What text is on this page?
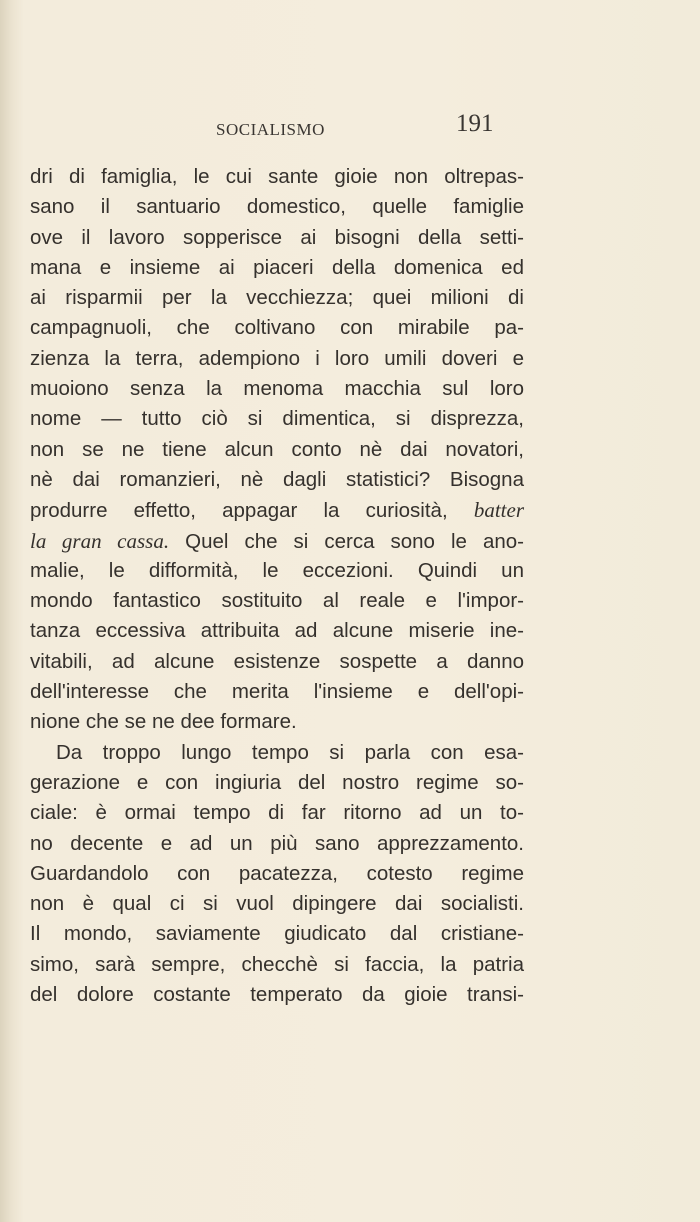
SOCIALISMO	191
dri di famiglia, le cui sante gioie non oltrepas-
sano il santuario domestico, quelle famiglie
ove il lavoro sopperisce ai bisogni della setti-
mana e insieme ai piaceri della domenica ed
ai risparmii per la vecchiezza; quei milioni di
campagnuoli, che coltivano con mirabile pa-
zienza la terra, adempiono i loro umili doveri e
muoiono senza la menoma macchia sul loro
nome — tutto ciò si dimentica, si disprezza,
non se ne tiene alcun conto nè dai novatori,
nè dai romanzieri, nè dagli statistici? Bisogna
produrre effetto, appagar la curiosità, batter
la gran cassa. Quel che si cerca sono le ano-
malie, le difformità, le eccezioni. Quindi un
mondo fantastico sostituito al reale e l'impor-
tanza eccessiva attribuita ad alcune miserie ine-
vitabili, ad alcune esistenze sospette a danno
dell'interesse che merita l'insieme e dell'opi-
nione che se ne dee formare.
Da troppo lungo tempo si parla con esa-
gerazione e con ingiuria del nostro regime so-
ciale: è ormai tempo di far ritorno ad un to-
no decente e ad un più sano apprezzamento.
Guardandolo con pacatezza, cotesto regime
non è qual ci si vuol dipingere dai socialisti.
Il mondo, saviamente giudicato dal cristiane-
simo, sarà sempre, checchè si faccia, la patria
del dolore costante temperato da gioie transi-
